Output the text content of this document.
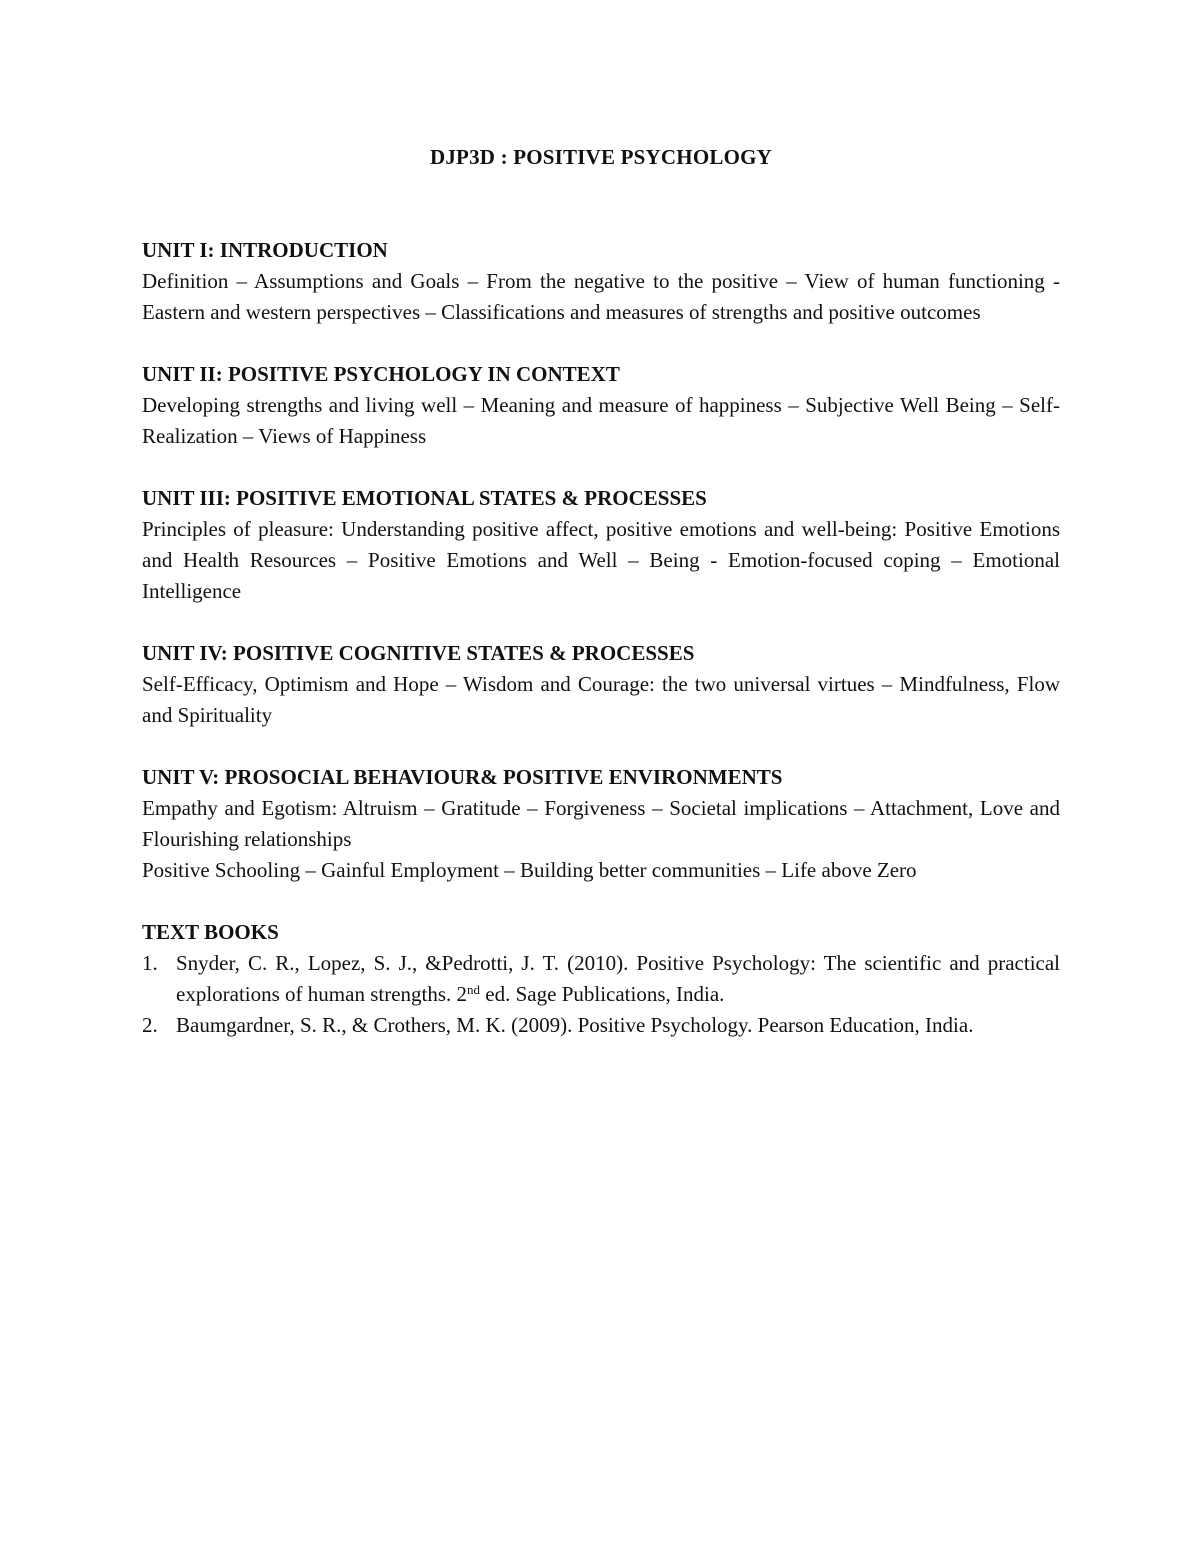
DJP3D : POSITIVE PSYCHOLOGY

UNIT I: INTRODUCTION

Definition – Assumptions and Goals – From the negative to the positive – View of human functioning - Eastern and western perspectives – Classifications and measures of strengths and positive outcomes

UNIT II: POSITIVE PSYCHOLOGY IN CONTEXT

Developing strengths and living well – Meaning and measure of happiness – Subjective Well Being – Self-Realization – Views of Happiness

UNIT III: POSITIVE EMOTIONAL STATES & PROCESSES

Principles of pleasure: Understanding positive affect, positive emotions and well-being: Positive Emotions and Health Resources – Positive Emotions and Well – Being - Emotion-focused coping – Emotional Intelligence

UNIT IV: POSITIVE COGNITIVE STATES & PROCESSES

Self-Efficacy, Optimism and Hope – Wisdom and Courage: the two universal virtues – Mindfulness, Flow and Spirituality

UNIT V: PROSOCIAL BEHAVIOUR& POSITIVE ENVIRONMENTS

Empathy and Egotism: Altruism – Gratitude – Forgiveness – Societal implications – Attachment, Love and Flourishing relationships

Positive Schooling – Gainful Employment – Building better communities – Life above Zero

TEXT BOOKS

1. Snyder, C. R., Lopez, S. J., &Pedrotti, J. T. (2010). Positive Psychology: The scientific and practical explorations of human strengths. 2nd ed. Sage Publications, India.
2. Baumgardner, S. R., & Crothers, M. K. (2009). Positive Psychology. Pearson Education, India.
